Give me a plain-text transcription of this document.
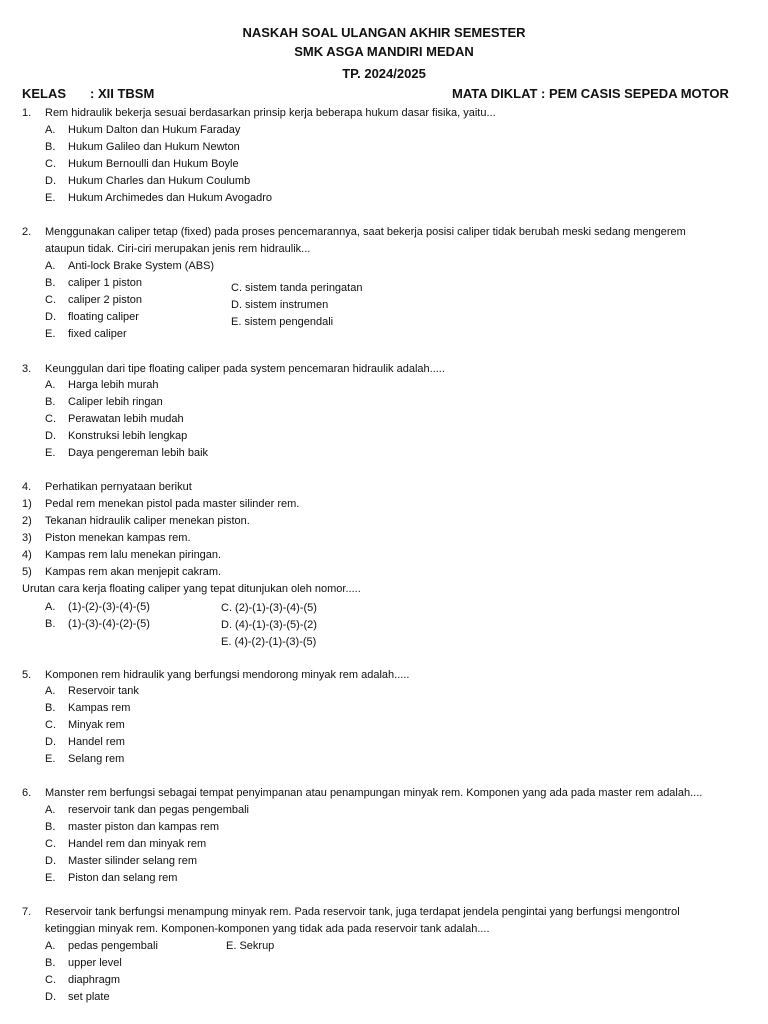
NASKAH SOAL ULANGAN AKHIR SEMESTER
SMK ASGA MANDIRI MEDAN
TP. 2024/2025
KELAS : XII TBSM	MATA DIKLAT : PEM CASIS SEPEDA MOTOR
1. Rem hidraulik bekerja sesuai berdasarkan prinsip kerja beberapa hukum dasar fisika, yaitu...
A. Hukum Dalton dan Hukum Faraday
B. Hukum Galileo dan Hukum Newton
C. Hukum Bernoulli dan Hukum Boyle
D. Hukum Charles dan Hukum Coulumb
E. Hukum Archimedes dan Hukum Avogadro
2. Menggunakan caliper tetap (fixed) pada proses pencemarannya, saat bekerja posisi caliper tidak berubah meski sedang mengerem
ataupun tidak. Ciri-ciri merupakan jenis rem hidraulik...
A. Anti-lock Brake System (ABS)
B. caliper 1 piston
C. caliper 2 piston
D. floating caliper
E. fixed caliper
C. sistem tanda peringatan
D. sistem instrumen
E. sistem pengendali
3. Keunggulan dari tipe floating caliper pada system pencemaran hidraulik adalah.....
A. Harga lebih murah
B. Caliper lebih ringan
C. Perawatan lebih mudah
D. Konstruksi lebih lengkap
E. Daya pengereman lebih baik
4. Perhatikan pernyataan berikut
1) Pedal rem menekan pistol pada master silinder rem.
2) Tekanan hidraulik caliper menekan piston.
3) Piston menekan kampas rem.
4) Kampas rem lalu menekan piringan.
5) Kampas rem akan menjepit cakram.
Urutan cara kerja floating caliper yang tepat ditunjukan oleh nomor.....
A. (1)-(2)-(3)-(4)-(5)
B. (1)-(3)-(4)-(2)-(5)
C. (2)-(1)-(3)-(4)-(5)
D. (4)-(1)-(3)-(5)-(2)
E. (4)-(2)-(1)-(3)-(5)
5. Komponen rem hidraulik yang berfungsi mendorong minyak rem adalah.....
A. Reservoir tank
B. Kampas rem
C. Minyak rem
D. Handel rem
E. Selang rem
6. Manster rem berfungsi sebagai tempat penyimpanan atau penampungan minyak rem. Komponen yang ada pada master rem adalah....
A. reservoir tank dan pegas pengembali
B. master piston dan kampas rem
C. Handel rem dan minyak rem
D. Master silinder selang rem
E. Piston dan selang rem
7. Reservoir tank berfungsi menampung minyak rem. Pada reservoir tank, juga terdapat jendela pengintai yang berfungsi mengontrol
ketinggian minyak rem. Komponen-komponen yang tidak ada pada reservoir tank adalah....
A. pedas pengembali	E. Sekrup
B. upper level
C. diaphragm
D. set plate
